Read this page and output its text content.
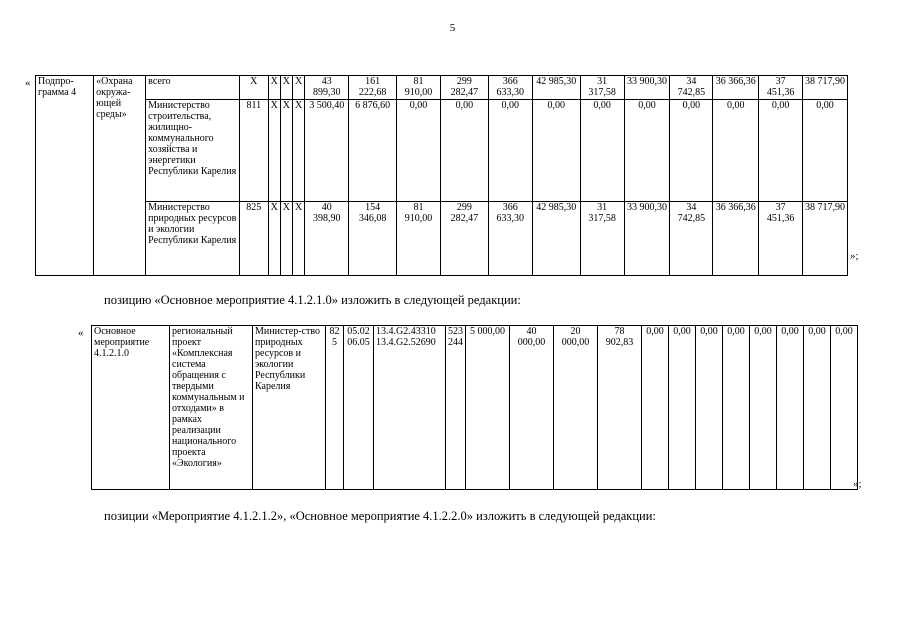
5
« Подпро-грамма 4	«Охрана окружа-ющей среды»	всего	X	X	X	X	43 899,30	161 222,68	81 910,00	299 282,47	366 633,30	42 985,30	31 317,58	33 900,30	34 742,85	36 366,36	37 451,36	38 717,90
		Министерство строительства, жилищно-коммунального хозяйства и энергетики Республики Карелия	811	X	X	X	3 500,40	6 876,60	0,00	0,00	0,00	0,00	0,00	0,00	0,00	0,00	0,00	0,00
		Министерство природных ресурсов и экологии Республики Карелия	825	X	X	X	40 398,90	154 346,08	81 910,00	299 282,47	366 633,30	42 985,30	31 317,58	33 900,30	34 742,85	36 366,36	37 451,36	38 717,90
»;
позицию «Основное мероприятие 4.1.2.1.0» изложить в следующей редакции:
« Основное мероприятие 4.1.2.1.0	региональный проект «Комплексная система обращения с твердыми коммунальным и отходами» в рамках реализации национального проекта «Экология»	Министер-ство природных ресурсов и экологии Республики Карелия	825	05.02 06.05	13.4.G2.43310 13.4.G2.52690	523 244	5 000,00	40 000,00	20 000,00	78 902,83	0,00	0,00	0,00	0,00	0,00	0,00	0,00	0,00
»;
позиции «Мероприятие 4.1.2.1.2», «Основное мероприятие 4.1.2.2.0» изложить в следующей редакции:
